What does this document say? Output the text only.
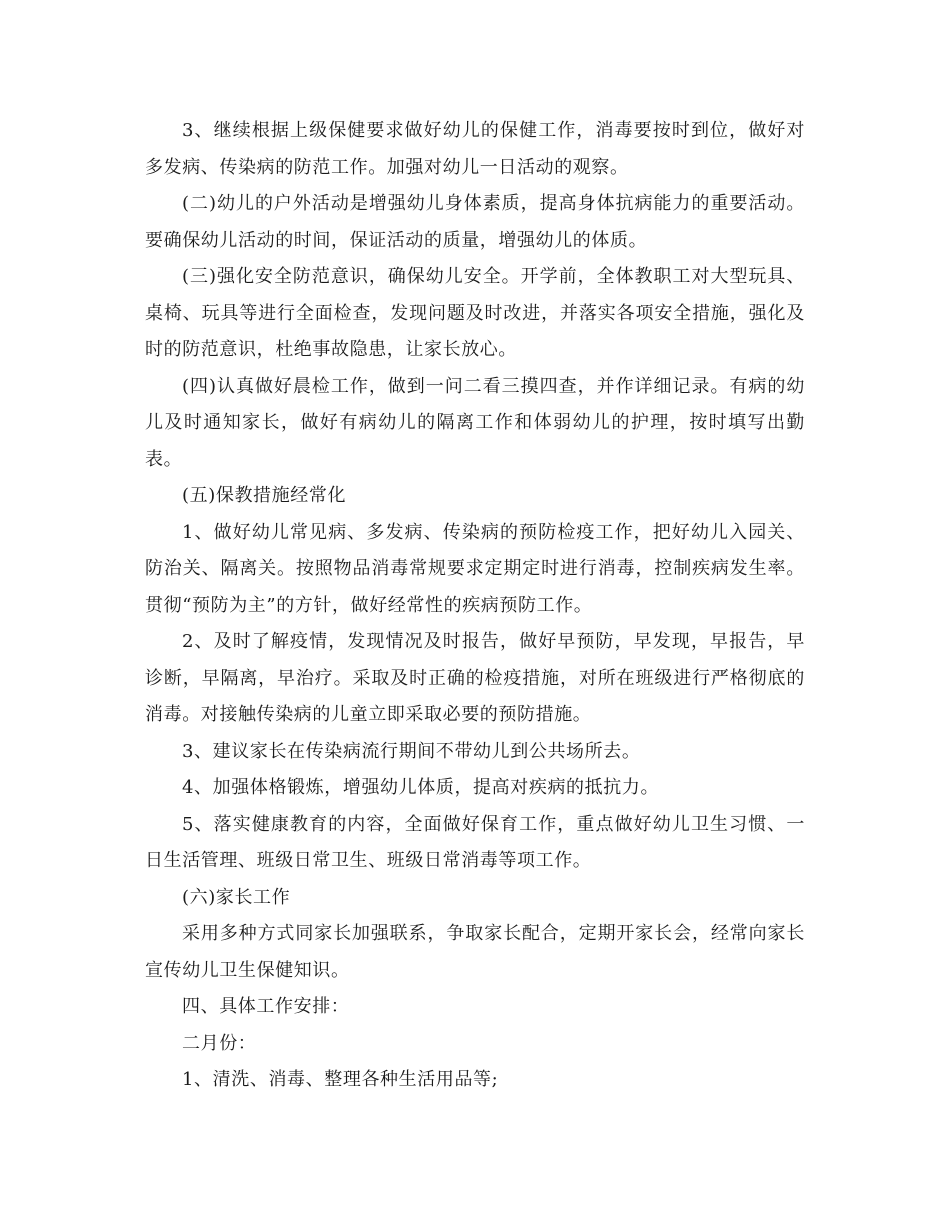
3、继续根据上级保健要求做好幼儿的保健工作，消毒要按时到位，做好对多发病、传染病的防范工作。加强对幼儿一日活动的观察。

(二)幼儿的户外活动是增强幼儿身体素质，提高身体抗病能力的重要活动。要确保幼儿活动的时间，保证活动的质量，增强幼儿的体质。

(三)强化安全防范意识，确保幼儿安全。开学前，全体教职工对大型玩具、桌椅、玩具等进行全面检查，发现问题及时改进，并落实各项安全措施，强化及时的防范意识，杜绝事故隐患，让家长放心。

(四)认真做好晨检工作，做到一问二看三摸四查，并作详细记录。有病的幼儿及时通知家长，做好有病幼儿的隔离工作和体弱幼儿的护理，按时填写出勤表。

(五)保教措施经常化

1、做好幼儿常见病、多发病、传染病的预防检疫工作，把好幼儿入园关、防治关、隔离关。按照物品消毒常规要求定期定时进行消毒，控制疾病发生率。贯彻“预防为主”的方针，做好经常性的疾病预防工作。

2、及时了解疫情，发现情况及时报告，做好早预防，早发现，早报告，早诊断，早隔离，早治疗。采取及时正确的检疫措施，对所在班级进行严格彻底的消毒。对接触传染病的儿童立即采取必要的预防措施。

3、建议家长在传染病流行期间不带幼儿到公共场所去。

4、加强体格锻炼，增强幼儿体质，提高对疾病的抵抗力。

5、落实健康教育的内容，全面做好保育工作，重点做好幼儿卫生习惯、一日生活管理、班级日常卫生、班级日常消毒等项工作。

(六)家长工作

采用多种方式同家长加强联系，争取家长配合，定期开家长会，经常向家长宣传幼儿卫生保健知识。

四、具体工作安排：

二月份：

1、清洗、消毒、整理各种生活用品等;
